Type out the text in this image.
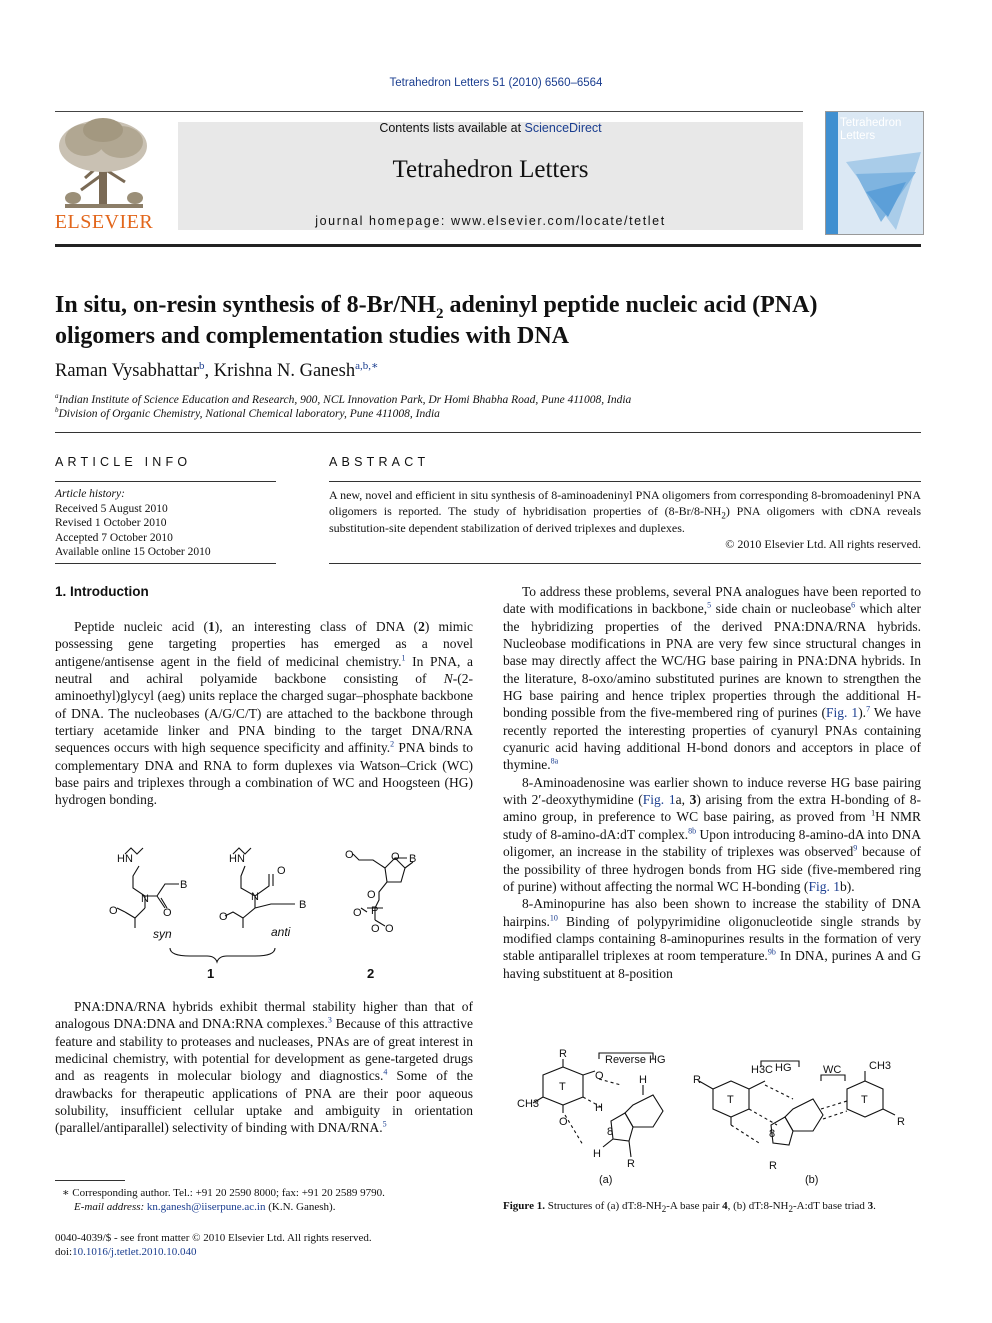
Tetrahedron Letters 51 (2010) 6560–6564
ELSEVIER
Contents lists available at ScienceDirect
Tetrahedron Letters
journal homepage: www.elsevier.com/locate/tetlet
Tetrahedron
Letters
In situ, on-resin synthesis of $8-Br/NH_2$ adeninyl peptide nucleic acid (PNA)
oligomers and complementation studies with DNA
Raman Vysabhattar$^b$, Krishna N. Ganesh$^{a,b,∗}$
$^a$Indian Institute of Science Education and Research, 900, NCL Innovation Park, Dr Homi Bhabha Road, Pune 411008, India
$^b$Division of Organic Chemistry, National Chemical laboratory, Pune 411008, India
ARTICLE INFO
Article history:
Received 5 August 2010
Revised 1 October 2010
Accepted 7 October 2010
Available online 15 October 2010
ABSTRACT
A new, novel and efficient in situ synthesis of 8-aminoadeninyl PNA oligomers from corresponding 8-bromoadeninyl PNA oligomers is reported. The study of hybridisation properties of $(8-Br/8-NH_2)$ PNA oligomers with cDNA reveals substitution-site dependent stabilization of derived triplexes and duplexes.
© 2010 Elsevier Ltd. All rights reserved.
1. Introduction

Peptide nucleic acid (1), an interesting class of DNA (2) mimic possessing gene targeting properties has emerged as a novel antigene/antisense agent in the field of medicinal chemistry.$^1$ In PNA, a neutral and achiral polyamide backbone consisting of N-(2-aminoethyl)glycyl (aeg) units replace the charged sugar–phosphate backbone of DNA. The nucleobases (A/G/C/T) are attached to the backbone through tertiary acetamide linker and PNA binding to the target DNA/RNA sequences occurs with high sequence specificity and affinity.$^2$ PNA binds to complementary DNA and RNA to form duplexes via Watson–Crick (WC) base pairs and triplexes through a combination of WC and Hoogsteen (HG) hydrogen bonding.

HN
N
B
O
O
syn
HN
N
O
B
O
anti
1
O	O B
P
O
O
O O
2

PNA:DNA/RNA hybrids exhibit thermal stability higher than that of analogous DNA:DNA and DNA:RNA complexes.$^3$ Because of this attractive feature and stability to proteases and nucleases, PNAs are of great interest in medicinal chemistry, with potential for development as gene-targeted drugs and as reagents in molecular biology and diagnostics.$^4$ Some of the drawbacks for therapeutic applications of PNA are their poor aqueous solubility, insufficient cellular uptake and ambiguity in orientation (parallel/antiparallel) selectivity of binding with DNA/RNA.$^5$

∗ Corresponding author. Tel.: +91 20 2590 8000; fax: +91 20 2589 9790.
E-mail address: kn.ganesh@iiserpune.ac.in (K.N. Ganesh).
0040-4039/$ - see front matter © 2010 Elsevier Ltd. All rights reserved.
doi:10.1016/j.tetlet.2010.10.040

To address these problems, several PNA analogues have been reported to date with modifications in backbone,$^5$ side chain or nucleobase$^6$ which alter the hybridizing properties of the derived PNA:DNA/RNA hybrids. Nucleobase modifications in PNA are very few since structural changes in base may directly affect the WC/HG base pairing in PNA:DNA hybrids. In the literature, 8-oxo/amino substituted purines are known to strengthen the HG base pairing and hence triplex properties through the additional H-bonding possible from the five-membered ring of purines (Fig. 1).$^7$ We have recently reported the interesting properties of cyanuryl PNAs containing cyanuric acid having additional H-bond donors and acceptors in place of thymine.$^{8a}$

8-Aminoadenosine was earlier shown to induce reverse HG base pairing with 2′-deoxythymidine (Fig. 1a, 3) arising from the extra H-bonding of 8-amino group, in preference to WC base pairing, as proved from $^1$H NMR study of 8-amino-dA:dT complex.$^{8b}$ Upon introducing 8-amino-dA into DNA oligomer, an increase in the stability of triplexes was observed$^9$ because of the possibility of three hydrogen bonds from HG side (five-membered ring of purine) without affecting the normal WC H-bonding (Fig. 1b).

8-Aminopurine has also been shown to increase the stability of DNA hairpins.$^{10}$ Binding of polypyrimidine oligonucleotide single strands by modified clamps containing 8-aminopurines results in the formation of very stable antiparallel triplexes at room temperature.$^{9b}$ In DNA, purines A and G having substituent at 8-position

Reverse HG
T
R
CH3
O
O	H
H
8
H
R
(a)
H3C HG	WC
T
R
T
CH3
R
8
R
(b)
Figure 1. Structures of (a) $dT:8-NH_2-A$ base pair 4, (b) $dT:8-NH_2-A:dT$ base triad 3.
